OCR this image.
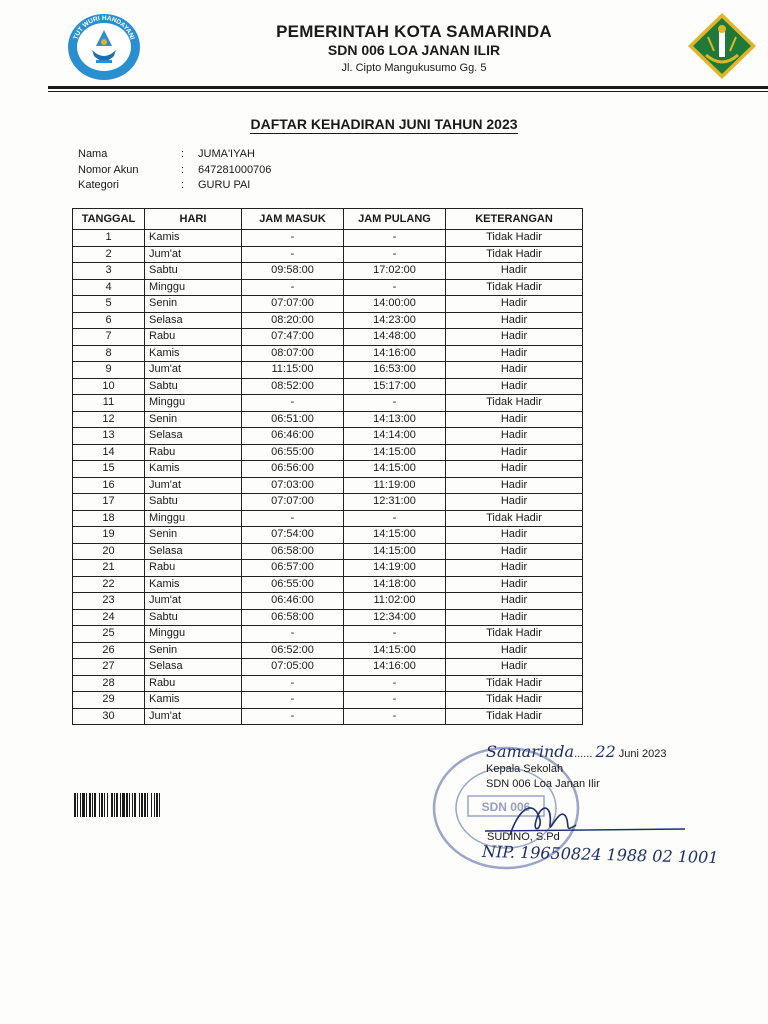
TUT WURI HANDAYANI	PEMERINTAH KOTA SAMARINDA
SDN 006 LOA JANAN ILIR
Jl. Cipto Mangukusumo Gg. 5
DAFTAR KEHADIRAN JUNI TAHUN 2023
Nama	:	JUMA'IYAH
Nomor Akun	:	647281000706
Kategori	:	GURU PAI
TANGGAL	HARI	JAM MASUK	JAM PULANG	KETERANGAN
1	Kamis	-	-	Tidak Hadir
2	Jum'at	-	-	Tidak Hadir
3	Sabtu	09:58:00	17:02:00	Hadir
4	Minggu	-	-	Tidak Hadir
5	Senin	07:07:00	14:00:00	Hadir
6	Selasa	08:20:00	14:23:00	Hadir
7	Rabu	07:47:00	14:48:00	Hadir
8	Kamis	08:07:00	14:16:00	Hadir
9	Jum'at	11:15:00	16:53:00	Hadir
10	Sabtu	08:52:00	15:17:00	Hadir
11	Minggu	-	-	Tidak Hadir
12	Senin	06:51:00	14:13:00	Hadir
13	Selasa	06:46:00	14:14:00	Hadir
14	Rabu	06:55:00	14:15:00	Hadir
15	Kamis	06:56:00	14:15:00	Hadir
16	Jum'at	07:03:00	11:19:00	Hadir
17	Sabtu	07:07:00	12:31:00	Hadir
18	Minggu	-	-	Tidak Hadir
19	Senin	07:54:00	14:15:00	Hadir
20	Selasa	06:58:00	14:15:00	Hadir
21	Rabu	06:57:00	14:19:00	Hadir
22	Kamis	06:55:00	14:18:00	Hadir
23	Jum'at	06:46:00	11:02:00	Hadir
24	Sabtu	06:58:00	12:34:00	Hadir
25	Minggu	-	-	Tidak Hadir
26	Senin	06:52:00	14:15:00	Hadir
27	Selasa	07:05:00	14:16:00	Hadir
28	Rabu	-	-	Tidak Hadir
29	Kamis	-	-	Tidak Hadir
30	Jum'at	-	-	Tidak Hadir
SDN 006
Samarinda...... 22 Juni 2023
Kepala Sekolah
SDN 006 Loa Janan Ilir
SUDINO, S.Pd
NIP. 19650824 1988 02 1001
